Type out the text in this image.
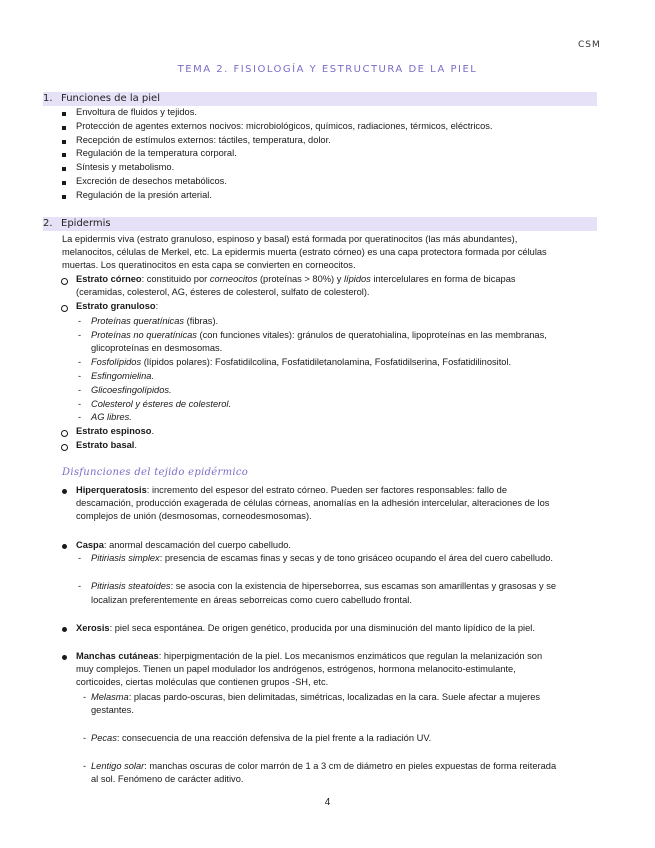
CSM
TEMA 2. FISIOLOGÍA Y ESTRUCTURA DE LA PIEL
1. Funciones de la piel
Envoltura de fluidos y tejidos.
Protección de agentes externos nocivos: microbiológicos, químicos, radiaciones, térmicos, eléctricos.
Recepción de estímulos externos: táctiles, temperatura, dolor.
Regulación de la temperatura corporal.
Síntesis y metabolismo.
Excreción de desechos metabólicos.
Regulación de la presión arterial.
2. Epidermis
La epidermis viva (estrato granuloso, espinoso y basal) está formada por queratinocitos (las más abundantes),
melanocitos, células de Merkel, etc. La epidermis muerta (estrato córneo) es una capa protectora formada por células
muertas. Los queratinocitos en esta capa se convierten en corneocitos.
Estrato córneo: constituido por corneocitos (proteínas > 80%) y lípidos intercelulares en forma de bicapas
(ceramidas, colesterol, AG, ésteres de colesterol, sulfato de colesterol).
Estrato granuloso:
- Proteínas queratínicas (fibras).
- Proteínas no queratínicas (con funciones vitales): gránulos de queratohialina, lipoproteínas en las membranas,
glicoproteínas en desmosomas.
- Fosfolípidos (lípidos polares): Fosfatidilcolina, Fosfatidiletanolamina, Fosfatidilserina, Fosfatidilinositol.
- Esfingomielina.
- Glicoesfingolípidos.
- Colesterol y ésteres de colesterol.
- AG libres.
Estrato espinoso.
Estrato basal.
Disfunciones del tejido epidérmico
Hiperqueratosis: incremento del espesor del estrato córneo. Pueden ser factores responsables: fallo de
descamación, producción exagerada de células córneas, anomalías en la adhesión intercelular, alteraciones de los
complejos de unión (desmosomas, corneodesmosomas).
Caspa: anormal descamación del cuerpo cabelludo.
- Pitiriasis simplex: presencia de escamas finas y secas y de tono grisáceo ocupando el área del cuero cabelludo.
- Pitiriasis steatoides: se asocia con la existencia de hiperseborrea, sus escamas son amarillentas y grasosas y se
localizan preferentemente en áreas seborreicas como cuero cabelludo frontal.
Xerosis: piel seca espontánea. De origen genético, producida por una disminución del manto lipídico de la piel.
Manchas cutáneas: hiperpigmentación de la piel. Los mecanismos enzimáticos que regulan la melanización son
muy complejos. Tienen un papel modulador los andrógenos, estrógenos, hormona melanocito-estimulante,
corticoides, ciertas moléculas que contienen grupos -SH, etc.
- Melasma: placas pardo-oscuras, bien delimitadas, simétricas, localizadas en la cara. Suele afectar a mujeres
gestantes.
- Pecas: consecuencia de una reacción defensiva de la piel frente a la radiación UV.
- Lentigo solar: manchas oscuras de color marrón de 1 a 3 cm de diámetro en pieles expuestas de forma reiterada
al sol. Fenómeno de carácter aditivo.
4
